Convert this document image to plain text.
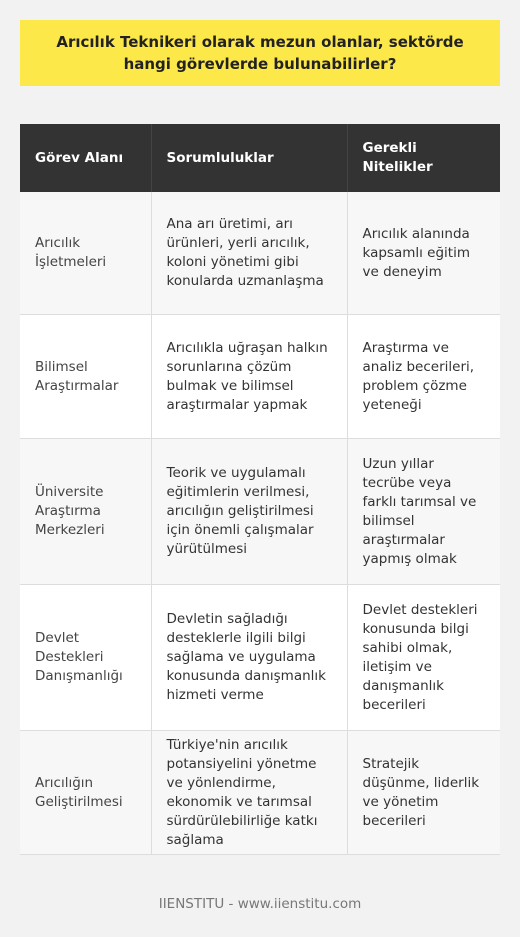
Arıcılık Teknikeri olarak mezun olanlar, sektörde hangi görevlerde bulunabilirler?
Görev Alanı	Sorumluluklar	Gerekli Nitelikler
Arıcılık İşletmeleri	Ana arı üretimi, arı ürünleri, yerli arıcılık, koloni yönetimi gibi konularda uzmanlaşma	Arıcılık alanında kapsamlı eğitim ve deneyim
Bilimsel Araştırmalar	Arıcılıkla uğraşan halkın sorunlarına çözüm bulmak ve bilimsel araştırmalar yapmak	Araştırma ve analiz becerileri, problem çözme yeteneği
Üniversite Araştırma Merkezleri	Teorik ve uygulamalı eğitimlerin verilmesi, arıcılığın geliştirilmesi için önemli çalışmalar yürütülmesi	Uzun yıllar tecrübe veya farklı tarımsal ve bilimsel araştırmalar yapmış olmak
Devlet Destekleri Danışmanlığı	Devletin sağladığı desteklerle ilgili bilgi sağlama ve uygulama konusunda danışmanlık hizmeti verme	Devlet destekleri konusunda bilgi sahibi olmak, iletişim ve danışmanlık becerileri
Arıcılığın Geliştirilmesi	Türkiye'nin arıcılık potansiyelini yönetme ve yönlendirme, ekonomik ve tarımsal sürdürülebilirliğe katkı sağlama	Stratejik düşünme, liderlik ve yönetim becerileri
IIENSTITU - www.iienstitu.com
